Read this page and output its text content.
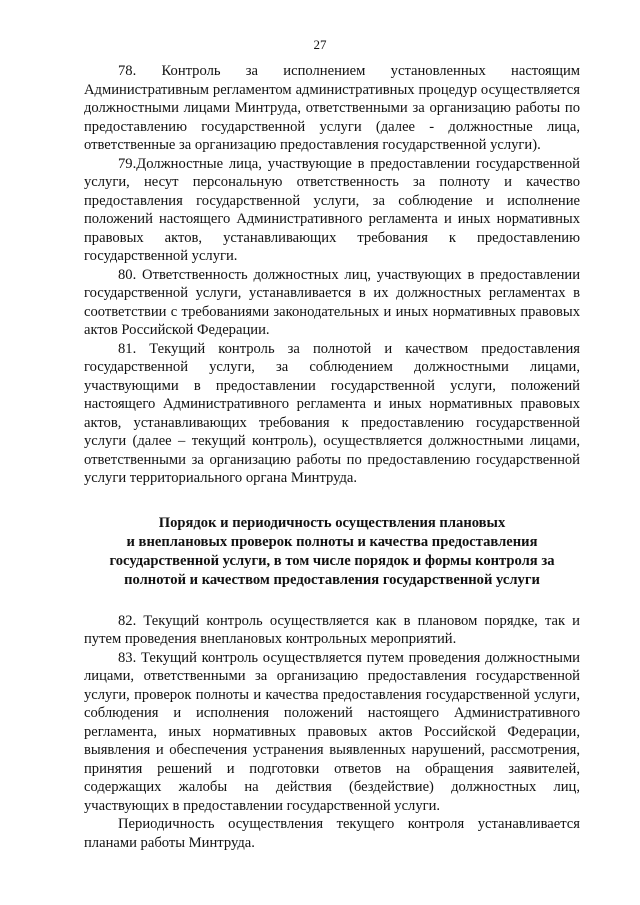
27

78. Контроль за исполнением установленных настоящим Административным регламентом административных процедур осуществляется должностными лицами Минтруда, ответственными за организацию работы по предоставлению государственной услуги (далее - должностные лица, ответственные за организацию предоставления государственной услуги).

79.Должностные лица, участвующие в предоставлении государственной услуги, несут персональную ответственность за полноту и качество предоставления государственной услуги, за соблюдение и исполнение положений настоящего Административного регламента и иных нормативных правовых актов, устанавливающих требования к предоставлению государственной услуги.

80. Ответственность должностных лиц, участвующих в предоставлении государственной услуги, устанавливается в их должностных регламентах в соответствии с требованиями законодательных и иных нормативных правовых актов Российской Федерации.

81. Текущий контроль за полнотой и качеством предоставления государственной услуги, за соблюдением должностными лицами, участвующими в предоставлении государственной услуги, положений настоящего Административного регламента и иных нормативных правовых актов, устанавливающих требования к предоставлению государственной услуги (далее – текущий контроль), осуществляется должностными лицами, ответственными за организацию работы по предоставлению государственной услуги территориального органа Минтруда.

Порядок и периодичность осуществления плановых
и внеплановых проверок полноты и качества предоставления
государственной услуги, в том числе порядок и формы контроля за
полнотой и качеством предоставления государственной услуги

82. Текущий контроль осуществляется как в плановом порядке, так и путем проведения внеплановых контрольных мероприятий.

83. Текущий контроль осуществляется путем проведения должностными лицами, ответственными за организацию предоставления государственной услуги, проверок полноты и качества предоставления государственной услуги, соблюдения и исполнения положений настоящего Административного регламента, иных нормативных правовых актов Российской Федерации, выявления и обеспечения устранения выявленных нарушений, рассмотрения, принятия решений и подготовки ответов на обращения заявителей, содержащих жалобы на действия (бездействие) должностных лиц, участвующих в предоставлении государственной услуги.

Периодичность осуществления текущего контроля устанавливается планами работы Минтруда.
